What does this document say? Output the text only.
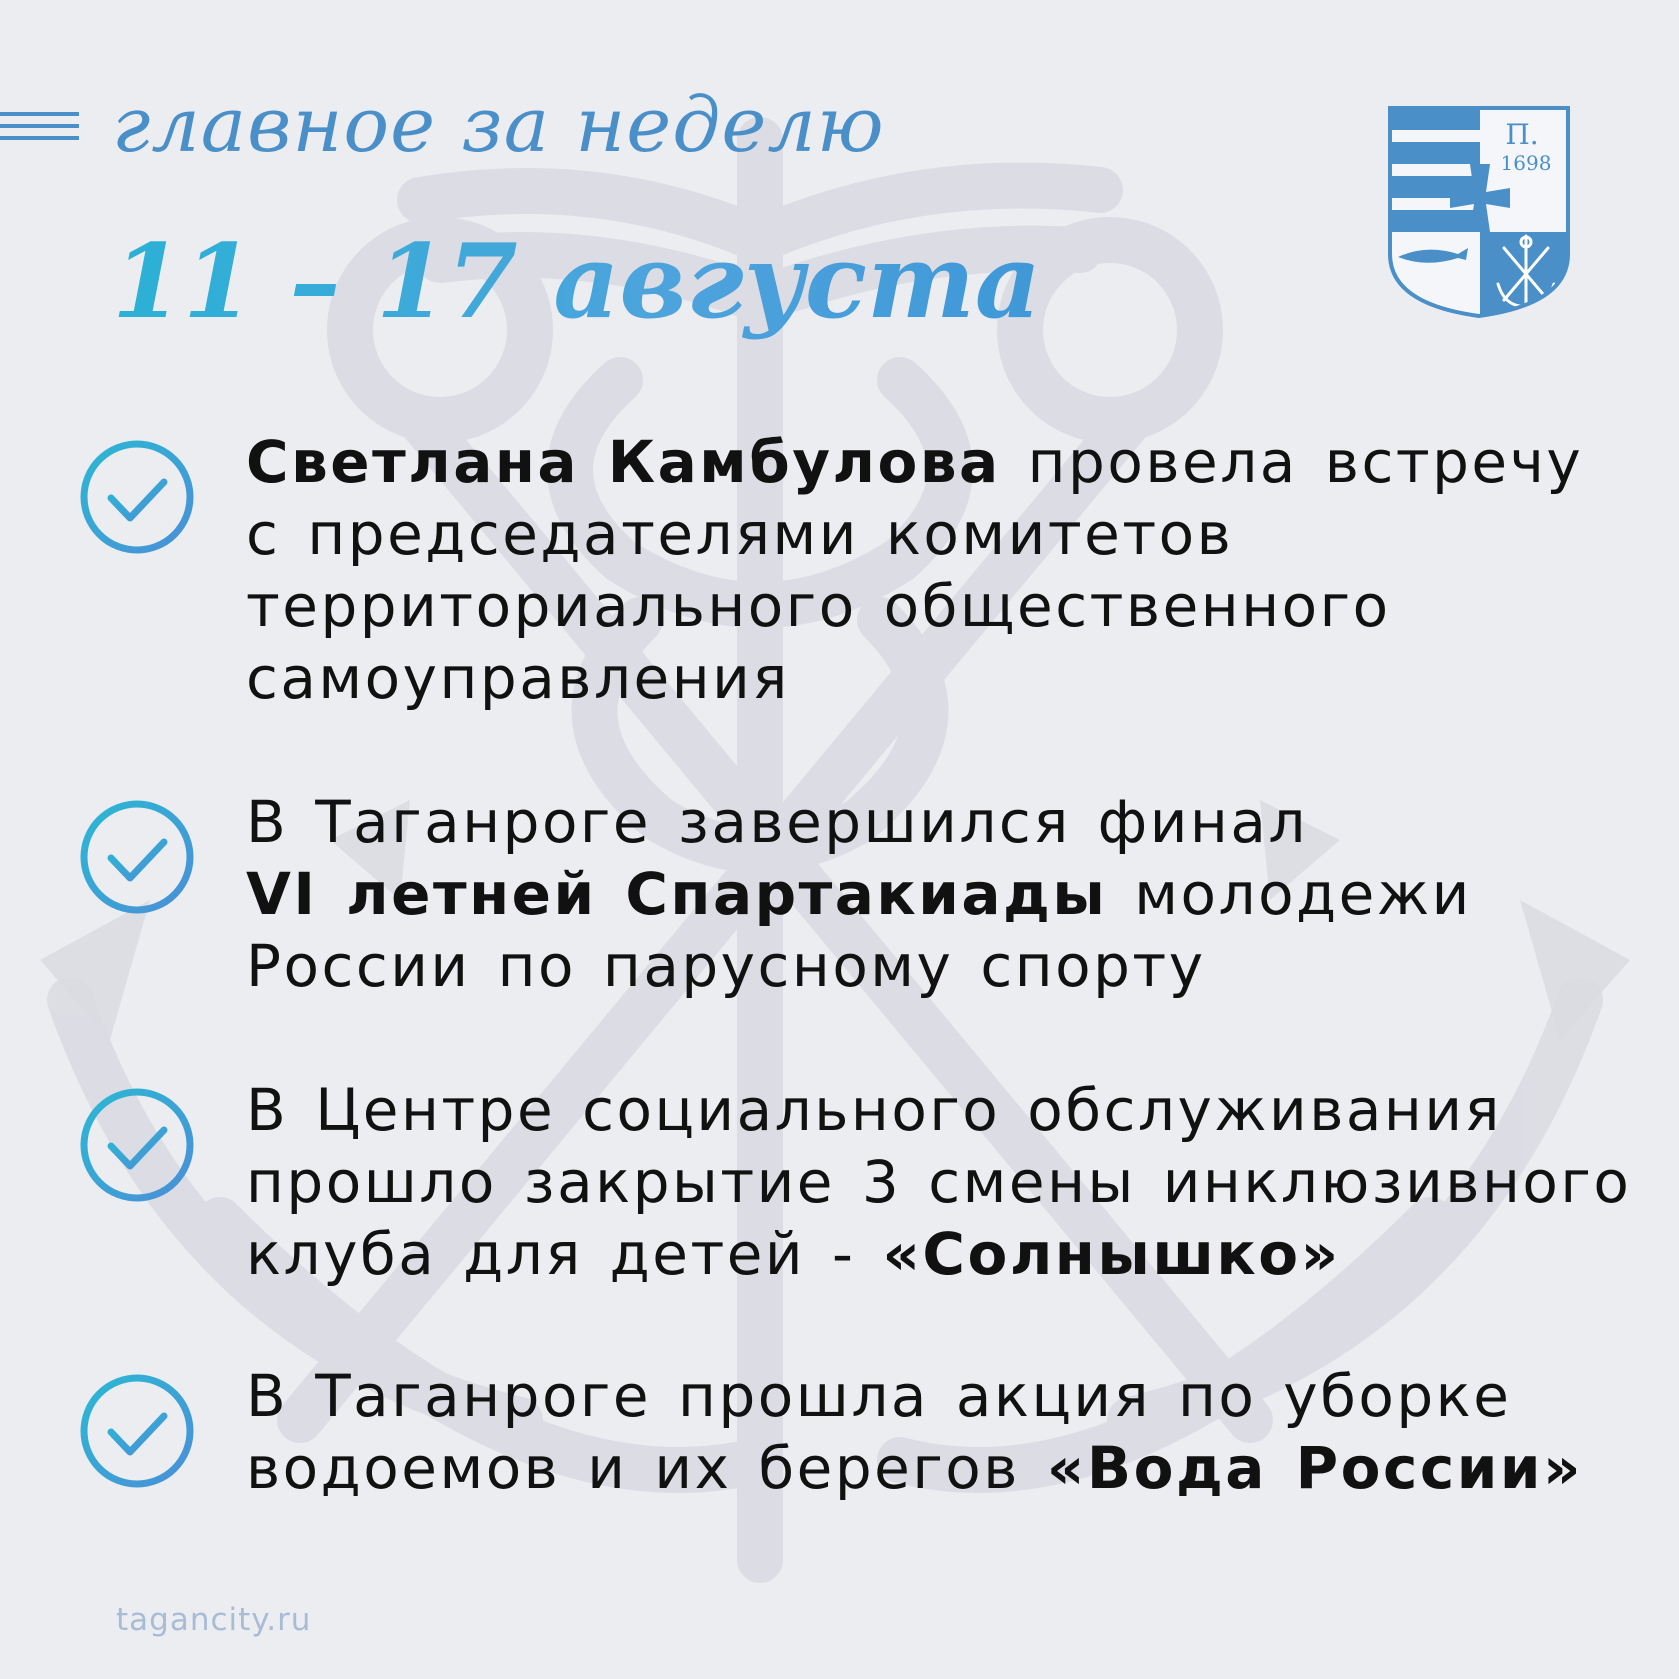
главное за неделю
11 – 17 августа
П.
1698
Светлана Камбулова провела встречу
с председателями комитетов
территориального общественного
самоуправления
В Таганроге завершился финал
VI летней Спартакиады молодежи
России по парусному спорту
В Центре социального обслуживания
прошло закрытие 3 смены инклюзивного
клуба для детей - «Солнышко»
В Таганроге прошла акция по уборке
водоемов и их берегов «Вода России»
tagancity.ru
